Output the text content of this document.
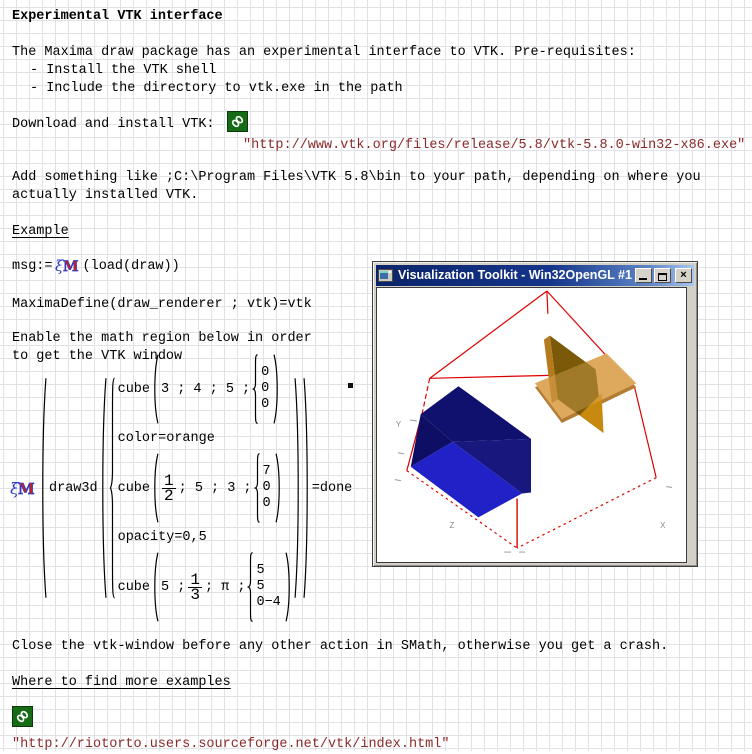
Experimental VTK interface
The Maxima draw package has an experimental interface to VTK. Pre-requisites:
- Install the VTK shell
- Include the directory to vtk.exe in the path
Download and install VTK:
"http://www.vtk.org/files/release/5.8/vtk-5.8.0-win32-x86.exe"
Add something like ;C:\Program Files\VTK 5.8\bin to your path, depending on where you actually installed VTK.
Example
msg:= ξ M (load(draw))
MaximaDefine(draw_renderer ; vtk)=vtk
Enable the math region below in order
to get the VTK window
ξ M draw3d
cube 3 ; 4 ; 5 ;
0
0
0
color=orange
cube $\frac{1}{2}$ ; 5 ; 3 ;
7
0
0
opacity=0,5
cube 5 ; $\frac{1}{3}$ ; π ;
5
5
0−4
=done
Visualization Toolkit - Win32OpenGL #1	×
Y
Z	X
Close the vtk-window before any other action in SMath, otherwise you get a crash.
Where to find more examples
"http://riotorto.users.sourceforge.net/vtk/index.html"
